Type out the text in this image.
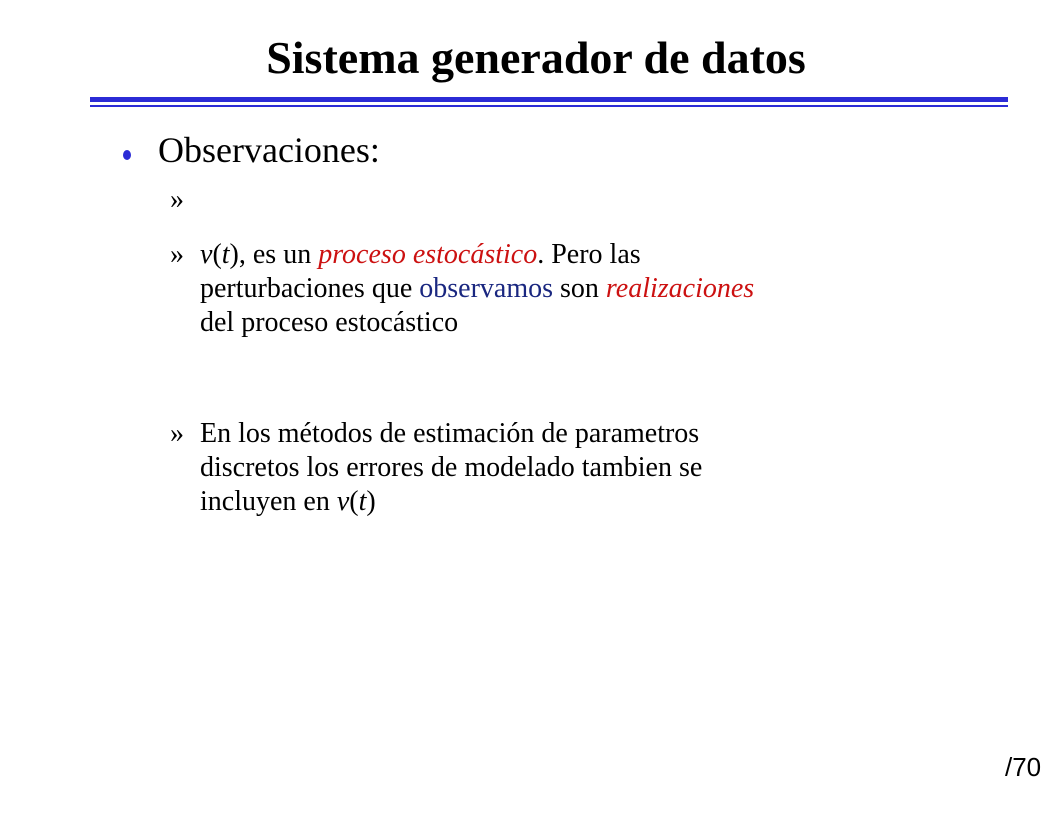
Sistema generador de datos
Observaciones:
»
» v(t), es un proceso estocástico. Pero las
perturbaciones que observamos son realizaciones
del proceso estocástico
» En los métodos de estimación de parametros
discretos los errores de modelado tambien se
incluyen en v(t)
/70
